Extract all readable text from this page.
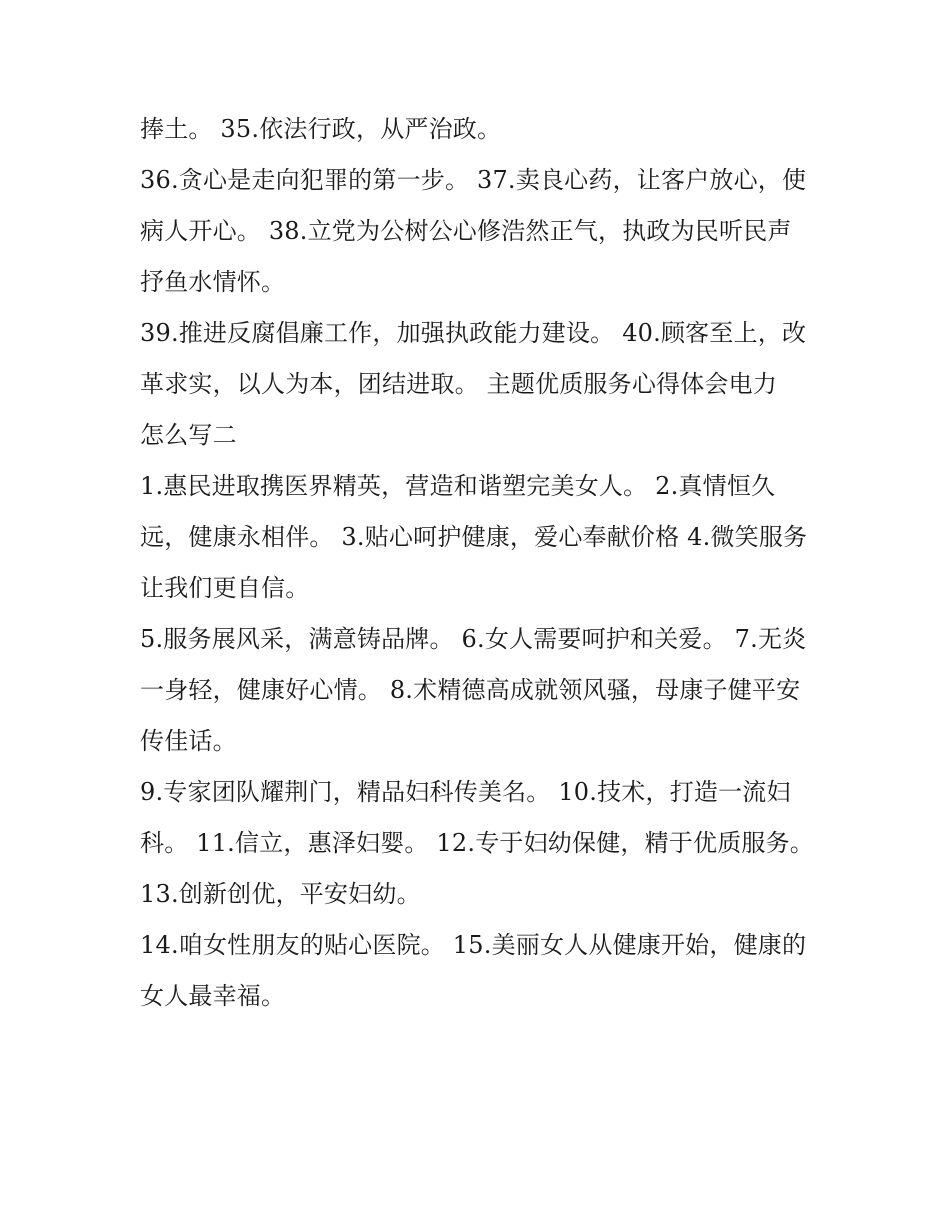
捧土。 35.依法行政，从严治政。
36.贪心是走向犯罪的第一步。 37.卖良心药，让客户放心，使
病人开心。 38.立党为公树公心修浩然正气，执政为民听民声
抒鱼水情怀。
39.推进反腐倡廉工作，加强执政能力建设。 40.顾客至上，改
革求实，以人为本，团结进取。 主题优质服务心得体会电力
怎么写二
1.惠民进取携医界精英，营造和谐塑完美女人。 2.真情恒久
远，健康永相伴。 3.贴心呵护健康，爱心奉献价格 4.微笑服务
让我们更自信。
5.服务展风采，满意铸品牌。 6.女人需要呵护和关爱。 7.无炎
一身轻，健康好心情。 8.术精德高成就领风骚，母康子健平安
传佳话。
9.专家团队耀荆门，精品妇科传美名。 10.技术，打造一流妇
科。 11.信立，惠泽妇婴。 12.专于妇幼保健，精于优质服务。
13.创新创优，平安妇幼。
14.咱女性朋友的贴心医院。 15.美丽女人从健康开始，健康的
女人最幸福。
